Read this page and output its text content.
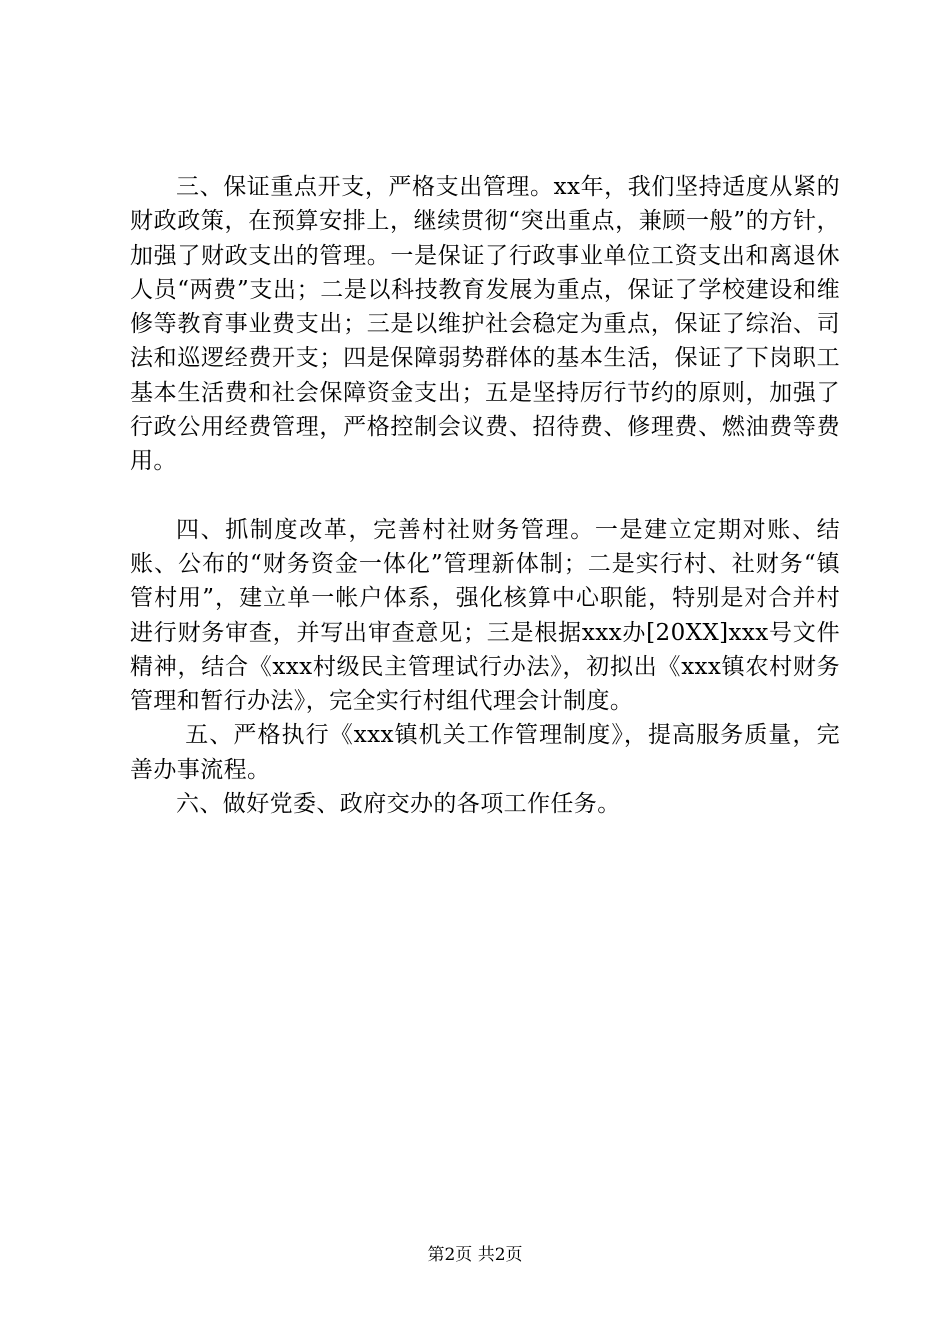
三、保证重点开支，严格支出管理。xx年，我们坚持适度从紧的财政政策，在预算安排上，继续贯彻“突出重点，兼顾一般”的方针，加强了财政支出的管理。一是保证了行政事业单位工资支出和离退休人员“两费”支出；二是以科技教育发展为重点，保证了学校建设和维修等教育事业费支出；三是以维护社会稳定为重点，保证了综治、司法和巡逻经费开支；四是保障弱势群体的基本生活，保证了下岗职工基本生活费和社会保障资金支出；五是坚持厉行节约的原则，加强了行政公用经费管理，严格控制会议费、招待费、修理费、燃油费等费用。

四、抓制度改革，完善村社财务管理。一是建立定期对账、结账、公布的“财务资金一体化”管理新体制；二是实行村、社财务“镇管村用”，建立单一帐户体系，强化核算中心职能，特别是对合并村进行财务审查，并写出审查意见；三是根据xxx办[20XX]xxx号文件精神，结合《xxx村级民主管理试行办法》，初拟出《xxx镇农村财务管理和暂行办法》，完全实行村组代理会计制度。

五、严格执行《xxx镇机关工作管理制度》，提高服务质量，完善办事流程。

六、做好党委、政府交办的各项工作任务。

第2页 共2页
